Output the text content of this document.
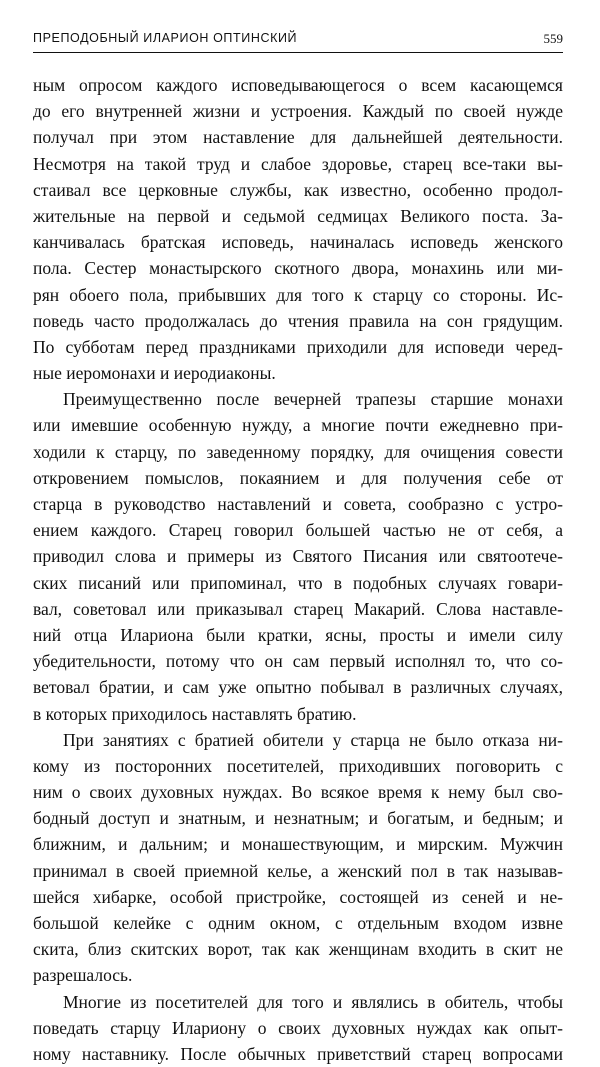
ПРЕПОДОБНЫЙ ИЛАРИОН ОПТИНСКИЙ	559
ным опросом каждого исповедывающегося о всем касающемся
до его внутренней жизни и устроения. Каждый по своей нужде
получал при этом наставление для дальнейшей деятельности.
Несмотря на такой труд и слабое здоровье, старец все-таки вы-
стаивал все церковные службы, как известно, особенно продол-
жительные на первой и седьмой седмицах Великого поста. За-
канчивалась братская исповедь, начиналась исповедь женского
пола. Сестер монастырского скотного двора, монахинь или ми-
рян обоего пола, прибывших для того к старцу со стороны. Ис-
поведь часто продолжалась до чтения правила на сон грядущим.
По субботам перед праздниками приходили для исповеди черед-
ные иеромонахи и иеродиаконы.
Преимущественно после вечерней трапезы старшие монахи
или имевшие особенную нужду, а многие почти ежедневно при-
ходили к старцу, по заведенному порядку, для очищения совести
откровением помыслов, покаянием и для получения себе от
старца в руководство наставлений и совета, сообразно с устро-
ением каждого. Старец говорил большей частью не от себя, а
приводил слова и примеры из Святого Писания или святоотече-
ских писаний или припоминал, что в подобных случаях говари-
вал, советовал или приказывал старец Макарий. Слова наставле-
ний отца Илариона были кратки, ясны, просты и имели силу
убедительности, потому что он сам первый исполнял то, что со-
ветовал братии, и сам уже опытно побывал в различных случаях,
в которых приходилось наставлять братию.
При занятиях с братией обители у старца не было отказа ни-
кому из посторонних посетителей, приходивших поговорить с
ним о своих духовных нуждах. Во всякое время к нему был сво-
бодный доступ и знатным, и незнатным; и богатым, и бедным; и
ближним, и дальним; и монашествующим, и мирским. Мужчин
принимал в своей приемной келье, а женский пол в так называв-
шейся хибарке, особой пристройке, состоящей из сеней и не-
большой келейке с одним окном, с отдельным входом извне
скита, близ скитских ворот, так как женщинам входить в скит не
разрешалось.
Многие из посетителей для того и являлись в обитель, чтобы
поведать старцу Илариону о своих духовных нуждах как опыт-
ному наставнику. После обычных приветствий старец вопросами
